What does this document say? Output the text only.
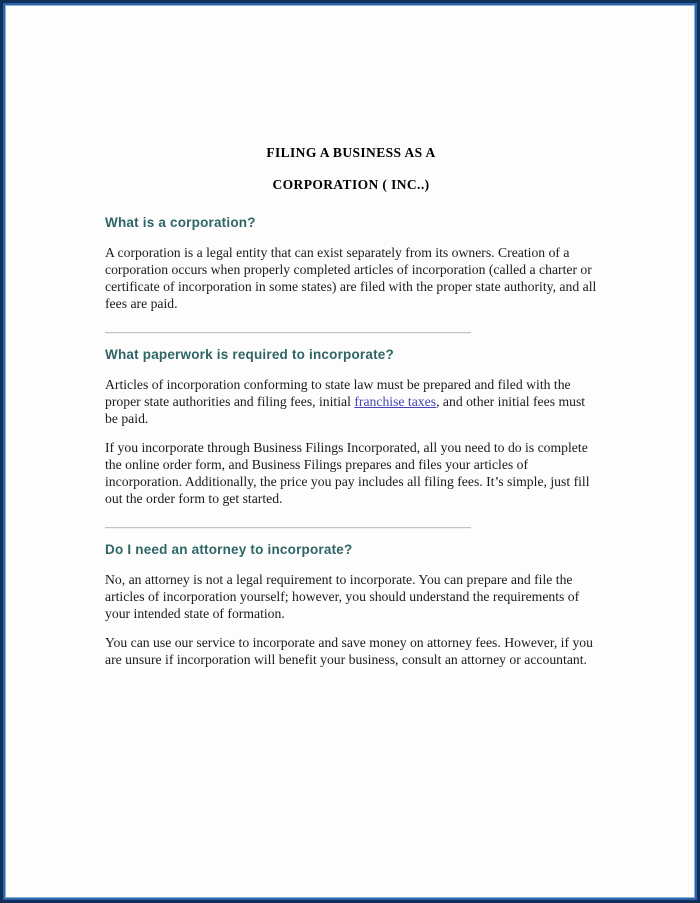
FILING A BUSINESS AS A

CORPORATION ( INC..)

What is a corporation?

A corporation is a legal entity that can exist separately from its owners. Creation of a corporation occurs when properly completed articles of incorporation (called a charter or certificate of incorporation in some states) are filed with the proper state authority, and all fees are paid.

What paperwork is required to incorporate?

Articles of incorporation conforming to state law must be prepared and filed with the proper state authorities and filing fees, initial franchise taxes, and other initial fees must be paid.

If you incorporate through Business Filings Incorporated, all you need to do is complete the online order form, and Business Filings prepares and files your articles of incorporation. Additionally, the price you pay includes all filing fees. It’s simple, just fill out the order form to get started.

Do I need an attorney to incorporate?

No, an attorney is not a legal requirement to incorporate. You can prepare and file the articles of incorporation yourself; however, you should understand the requirements of your intended state of formation.

You can use our service to incorporate and save money on attorney fees. However, if you are unsure if incorporation will benefit your business, consult an attorney or accountant.
